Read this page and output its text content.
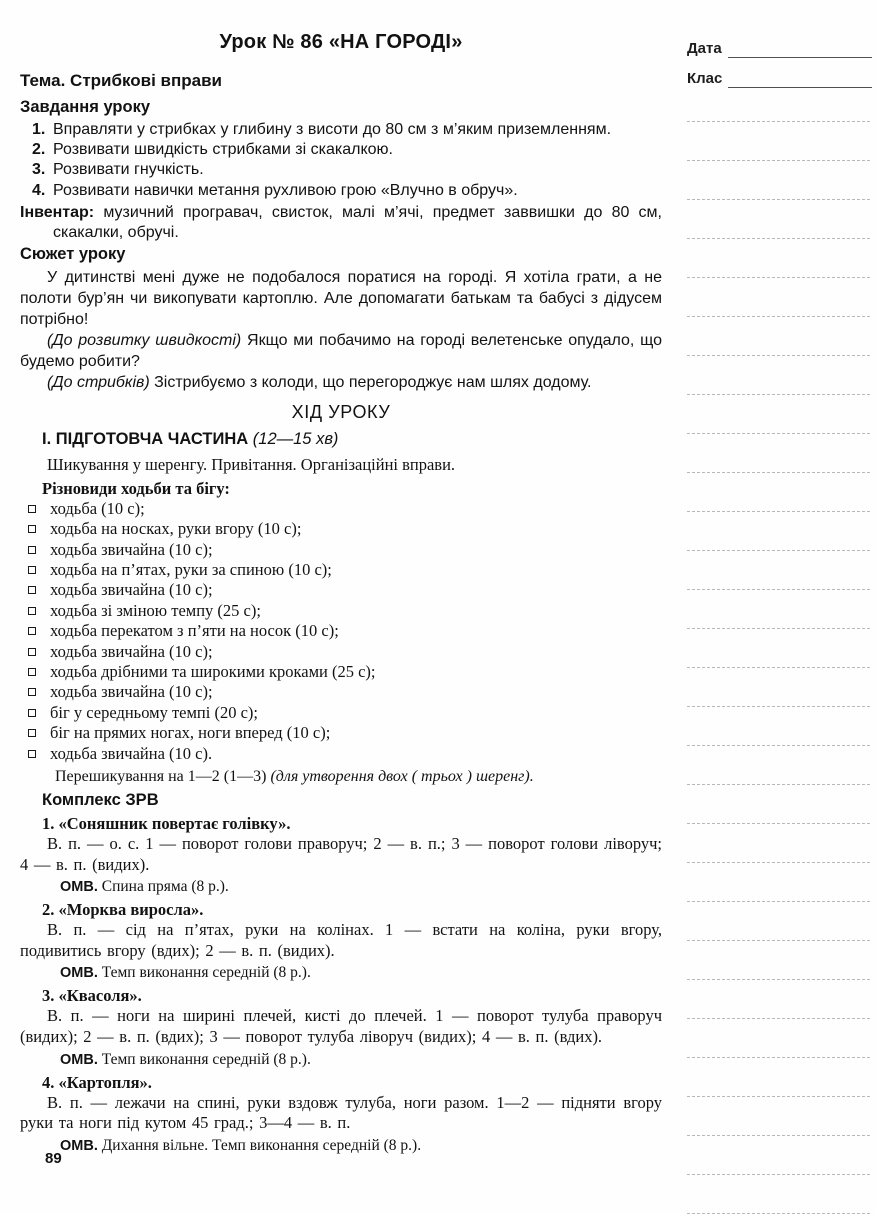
Урок № 86 «НА ГОРОДІ»

Тема. Стрибкові вправи

Завдання уроку
1. Вправляти у стрибках у глибину з висоти до 80 см з м’яким приземленням.
2. Розвивати швидкість стрибками зі скакалкою.
3. Розвивати гнучкість.
4. Розвивати навички метання рухливою грою «Влучно в обруч».

Інвентар: музичний програвач, свисток, малі м’ячі, предмет заввишки до 80 см, скакалки, обручі.

Сюжет уроку

У дитинстві мені дуже не подобалося поратися на городі. Я хотіла грати, а не полоти бур’ян чи викопувати картоплю. Але допомагати батькам та бабусі з дідусем потрібно!

(До розвитку швидкості) Якщо ми побачимо на городі велетенське опудало, що будемо робити?

(До стрибків) Зістрибуємо з колоди, що перегороджує нам шлях додому.

ХІД УРОКУ
І. ПІДГОТОВЧА ЧАСТИНА (12—15 хв)

Шикування у шеренгу. Привітання. Організаційні вправи.

Різновиди ходьби та бігу:
ходьба (10 с);
ходьба на носках, руки вгору (10 с);
ходьба звичайна (10 с);
ходьба на п’ятах, руки за спиною (10 с);
ходьба звичайна (10 с);
ходьба зі зміною темпу (25 с);
ходьба перекатом з п’яти на носок (10 с);
ходьба звичайна (10 с);
ходьба дрібними та широкими кроками (25 с);
ходьба звичайна (10 с);
біг у середньому темпі (20 с);
біг на прямих ногах, ноги вперед (10 с);
ходьба звичайна (10 с).

Перешикування на 1—2 (1—3) (для утворення двох ( трьох ) шеренг).

Комплекс ЗРВ

1. «Соняшник повертає голівку».

В. п. — о. с. 1 — поворот голови праворуч; 2 — в. п.; 3 — поворот голови ліворуч; 4 — в. п. (видих).

ОМВ. Спина пряма (8 р.).

2. «Морква виросла».

В. п. — сід на п’ятах, руки на колінах. 1 — встати на коліна, руки вгору, подивитись вгору (вдих); 2 — в. п. (видих).

ОМВ. Темп виконання середній (8 р.).

3. «Квасоля».

В. п. — ноги на ширині плечей, кисті до плечей. 1 — поворот тулуба праворуч (видих); 2 — в. п. (вдих); 3 — поворот тулуба ліворуч (видих); 4 — в. п. (вдих).

ОМВ. Темп виконання середній (8 р.).

4. «Картопля».

В. п. — лежачи на спині, руки вздовж тулуба, ноги разом. 1—2 — підняти вгору руки та ноги під кутом 45 град.; 3—4 — в. п.

ОМВ. Дихання вільне. Темп виконання середній (8 р.).

Дата
Клас
89
